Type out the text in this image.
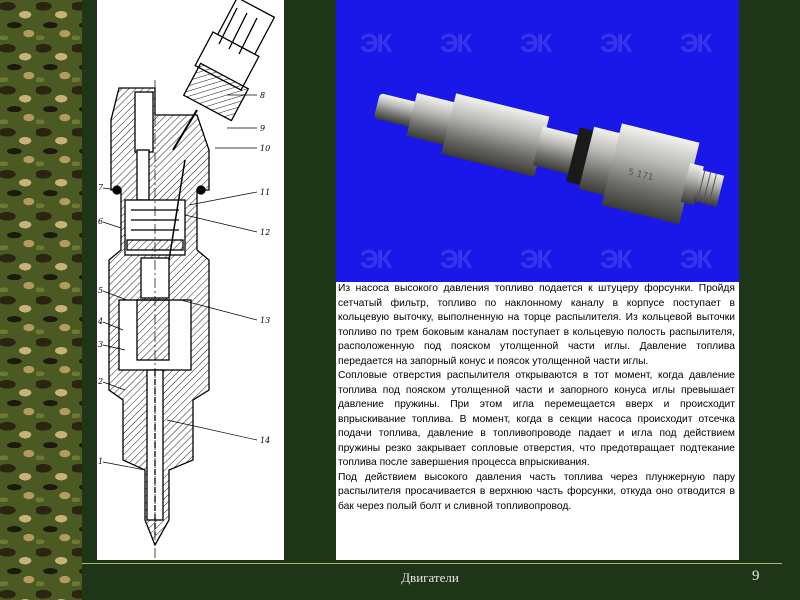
8
9
10
11
12
13
14
7
6
5
4
3
2
1
ЭК ЭК ЭК ЭК ЭК
ЭК ЭК ЭК ЭК ЭК
5 171

Из насоса высокого давления топливо подается к штуцеру форсунки. Пройдя сетчатый фильтр, топливо по наклонному каналу в корпусе поступает в кольцевую выточку, выполненную на торце распылителя. Из кольцевой выточки топливо по трем боковым каналам поступает в кольцевую полость распылителя, расположенную под пояском утолщенной части иглы. Давление топлива передается на запорный конус и поясок утолщенной части иглы.

Сопловые отверстия распылителя открываются в тот момент, когда давление топлива под пояском утолщенной части и запорного конуса иглы превышает давление пружины. При этом игла перемещается вверх и происходит впрыскивание топлива. В момент, когда в секции насоса происходит отсечка подачи топлива, давление в топливопроводе падает и игла под действием пружины резко закрывает сопловые отверстия, что предотвращает подтекание топлива после завершения процесса впрыскивания.

Под действием высокого давления часть топлива через плунжерную пару распылителя просачивается в верхнюю часть форсунки, откуда оно отводится в бак через полый болт и сливной топливопровод.

Двигатели	9
